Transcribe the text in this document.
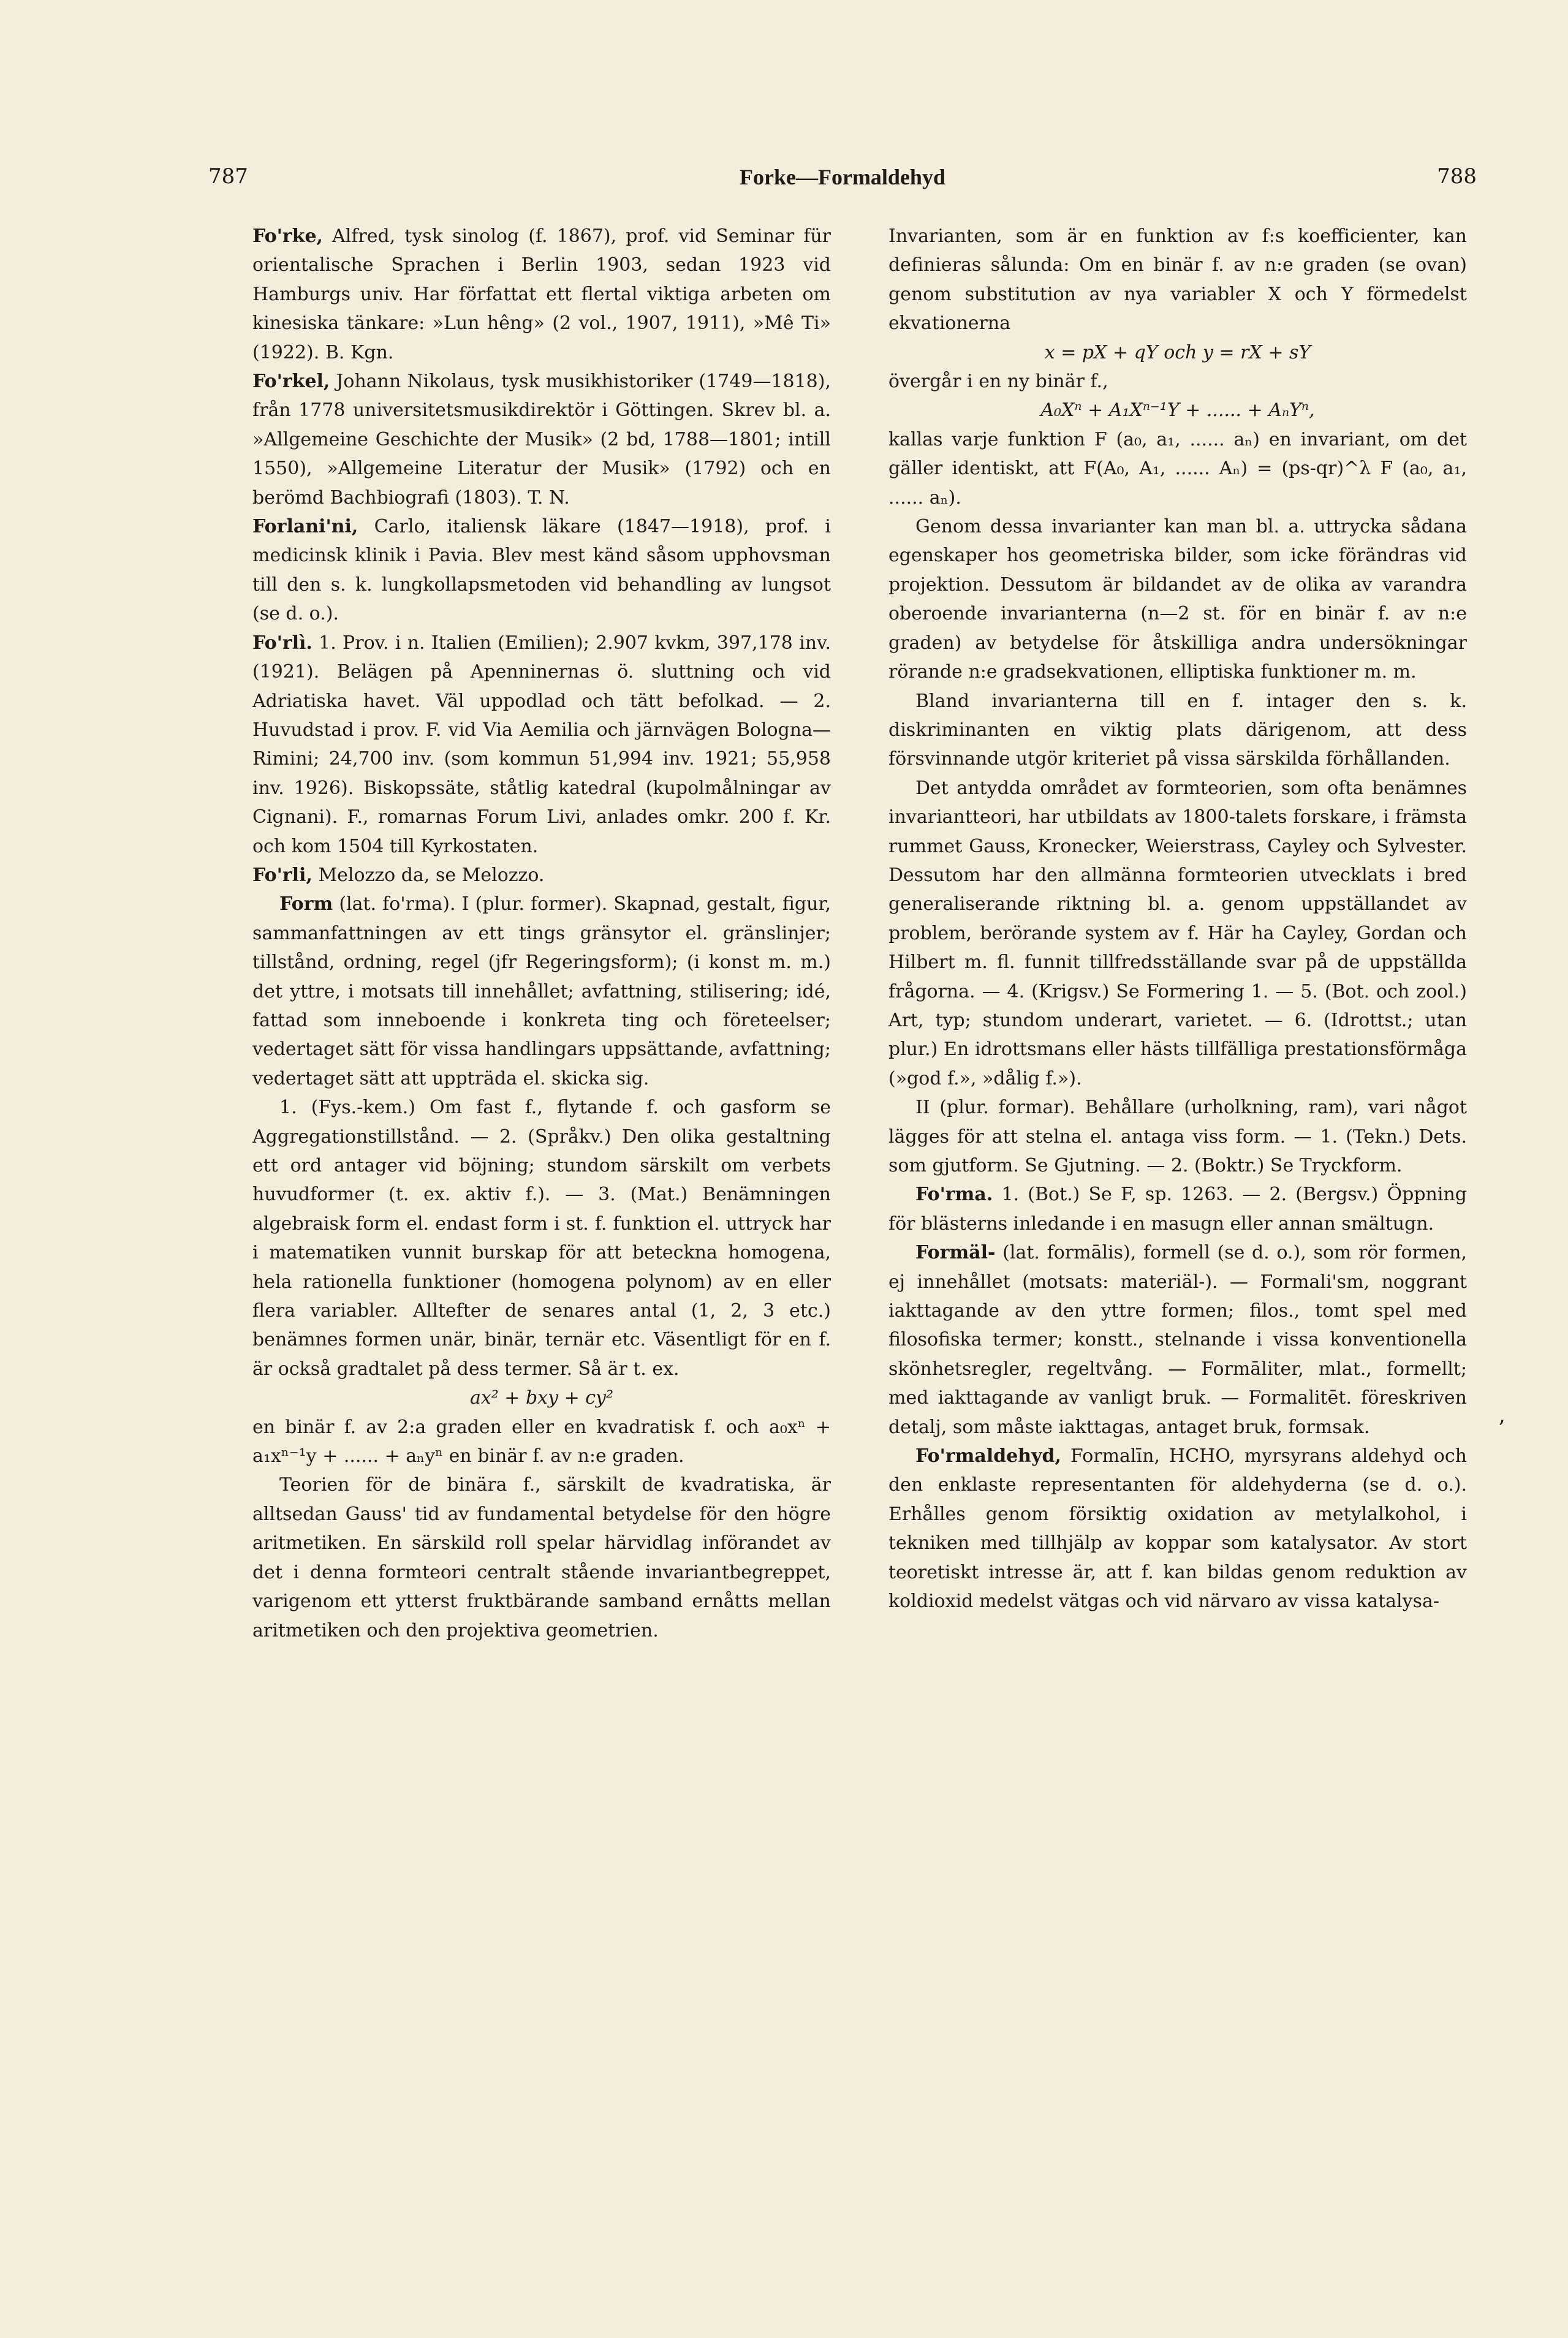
787	Forke—Formaldehyd	788

Fo'rke, Alfred, tysk sinolog (f. 1867), prof. vid Seminar für orientalische Sprachen i Berlin 1903, sedan 1923 vid Hamburgs univ. Har författat ett flertal viktiga arbeten om kinesiska tänkare: »Lun hêng» (2 vol., 1907, 1911), »Mê Ti» (1922). B. Kgn.

Fo'rkel, Johann Nikolaus, tysk musikhistoriker (1749—1818), från 1778 universitetsmusikdirektör i Göttingen. Skrev bl. a. »Allgemeine Geschichte der Musik» (2 bd, 1788—1801; intill 1550), »Allgemeine Literatur der Musik» (1792) och en berömd Bachbiografi (1803). T. N.

Forlani'ni, Carlo, italiensk läkare (1847—1918), prof. i medicinsk klinik i Pavia. Blev mest känd såsom upphovsman till den s. k. lungkollapsmetoden vid behandling av lungsot (se d. o.).

Fo'rlì. 1. Prov. i n. Italien (Emilien); 2.907 kvkm, 397,178 inv. (1921). Belägen på Apenninernas ö. sluttning och vid Adriatiska havet. Väl uppodlad och tätt befolkad. — 2. Huvudstad i prov. F. vid Via Aemilia och järnvägen Bologna—Rimini; 24,700 inv. (som kommun 51,994 inv. 1921; 55,958 inv. 1926). Biskopssäte, ståtlig katedral (kupolmålningar av Cignani). F., romarnas Forum Livi, anlades omkr. 200 f. Kr. och kom 1504 till Kyrkostaten.

Fo'rli, Melozzo da, se Melozzo.

Form (lat. fo'rma). I (plur. former). Skapnad, gestalt, figur, sammanfattningen av ett tings gränsytor el. gränslinjer; tillstånd, ordning, regel (jfr Regeringsform); (i konst m. m.) det yttre, i motsats till innehållet; avfattning, stilisering; idé, fattad som inneboende i konkreta ting och företeelser; vedertaget sätt för vissa handlingars uppsättande, avfattning; vedertaget sätt att uppträda el. skicka sig.

1. (Fys.-kem.) Om fast f., flytande f. och gasform se Aggregationstillstånd. — 2. (Språkv.) Den olika gestaltning ett ord antager vid böjning; stundom särskilt om verbets huvudformer (t. ex. aktiv f.). — 3. (Mat.) Benämningen algebraisk form el. endast form i st. f. funktion el. uttryck har i matematiken vunnit burskap för att beteckna homogena, hela rationella funktioner (homogena polynom) av en eller flera variabler. Alltefter de senares antal (1, 2, 3 etc.) benämnes formen unär, binär, ternär etc. Väsentligt för en f. är också gradtalet på dess termer. Så är t. ex.

ax² + bxy + cy²

en binär f. av 2:a graden eller en kvadratisk f. och a₀xⁿ + a₁xⁿ⁻¹y + ...... + aₙyⁿ en binär f. av n:e graden.

Teorien för de binära f., särskilt de kvadratiska, är alltsedan Gauss' tid av fundamental betydelse för den högre aritmetiken. En särskild roll spelar härvidlag införandet av det i denna formteori centralt stående invariantbegreppet, varigenom ett ytterst fruktbärande samband ernåtts mellan aritmetiken och den projektiva geometrien.

Invarianten, som är en funktion av f:s koefficienter, kan definieras sålunda: Om en binär f. av n:e graden (se ovan) genom substitution av nya variabler X och Y förmedelst ekvationerna

x = pX + qY och y = rX + sY

övergår i en ny binär f.,

A₀Xⁿ + A₁Xⁿ⁻¹Y + ...... + AₙYⁿ,

kallas varje funktion F (a₀, a₁, ...... aₙ) en invariant, om det gäller identiskt, att F(A₀, A₁, ...... Aₙ) = (ps-qr)^λ F (a₀, a₁, ...... aₙ).

Genom dessa invarianter kan man bl. a. uttrycka sådana egenskaper hos geometriska bilder, som icke förändras vid projektion. Dessutom är bildandet av de olika av varandra oberoende invarianterna (n—2 st. för en binär f. av n:e graden) av betydelse för åtskilliga andra undersökningar rörande n:e gradsekvationen, elliptiska funktioner m. m.

Bland invarianterna till en f. intager den s. k. diskriminanten en viktig plats därigenom, att dess försvinnande utgör kriteriet på vissa särskilda förhållanden.

Det antydda området av formteorien, som ofta benämnes invariantteori, har utbildats av 1800-talets forskare, i främsta rummet Gauss, Kronecker, Weierstrass, Cayley och Sylvester. Dessutom har den allmänna formteorien utvecklats i bred generaliserande riktning bl. a. genom uppställandet av problem, berörande system av f. Här ha Cayley, Gordan och Hilbert m. fl. funnit tillfredsställande svar på de uppställda frågorna. — 4. (Krigsv.) Se Formering 1. — 5. (Bot. och zool.) Art, typ; stundom underart, varietet. — 6. (Idrottst.; utan plur.) En idrottsmans eller hästs tillfälliga prestationsförmåga (»god f.», »dålig f.»).

II (plur. formar). Behållare (urholkning, ram), vari något lägges för att stelna el. antaga viss form. — 1. (Tekn.) Dets. som gjutform. Se Gjutning. — 2. (Boktr.) Se Tryckform.

Fo'rma. 1. (Bot.) Se F, sp. 1263. — 2. (Bergsv.) Öppning för blästerns inledande i en masugn eller annan smältugn.

Formäl- (lat. formālis), formell (se d. o.), som rör formen, ej innehållet (motsats: materiäl-). — Formali'sm, noggrant iakttagande av den yttre formen; filos., tomt spel med filosofiska termer; konstt., stelnande i vissa konventionella skönhetsregler, regeltvång. — Formāliter, mlat., formellt; med iakttagande av vanligt bruk. — Formalitēt. föreskriven detalj, som måste iakttagas, antaget bruk, formsak.

Fo'rmaldehyd, Formalīn, HCHO, myrsyrans aldehyd och den enklaste representanten för aldehyderna (se d. o.). Erhålles genom försiktig oxidation av metylalkohol, i tekniken med tillhjälp av koppar som katalysator. Av stort teoretiskt intresse är, att f. kan bildas genom reduktion av koldioxid medelst vätgas och vid närvaro av vissa katalysa-

,
